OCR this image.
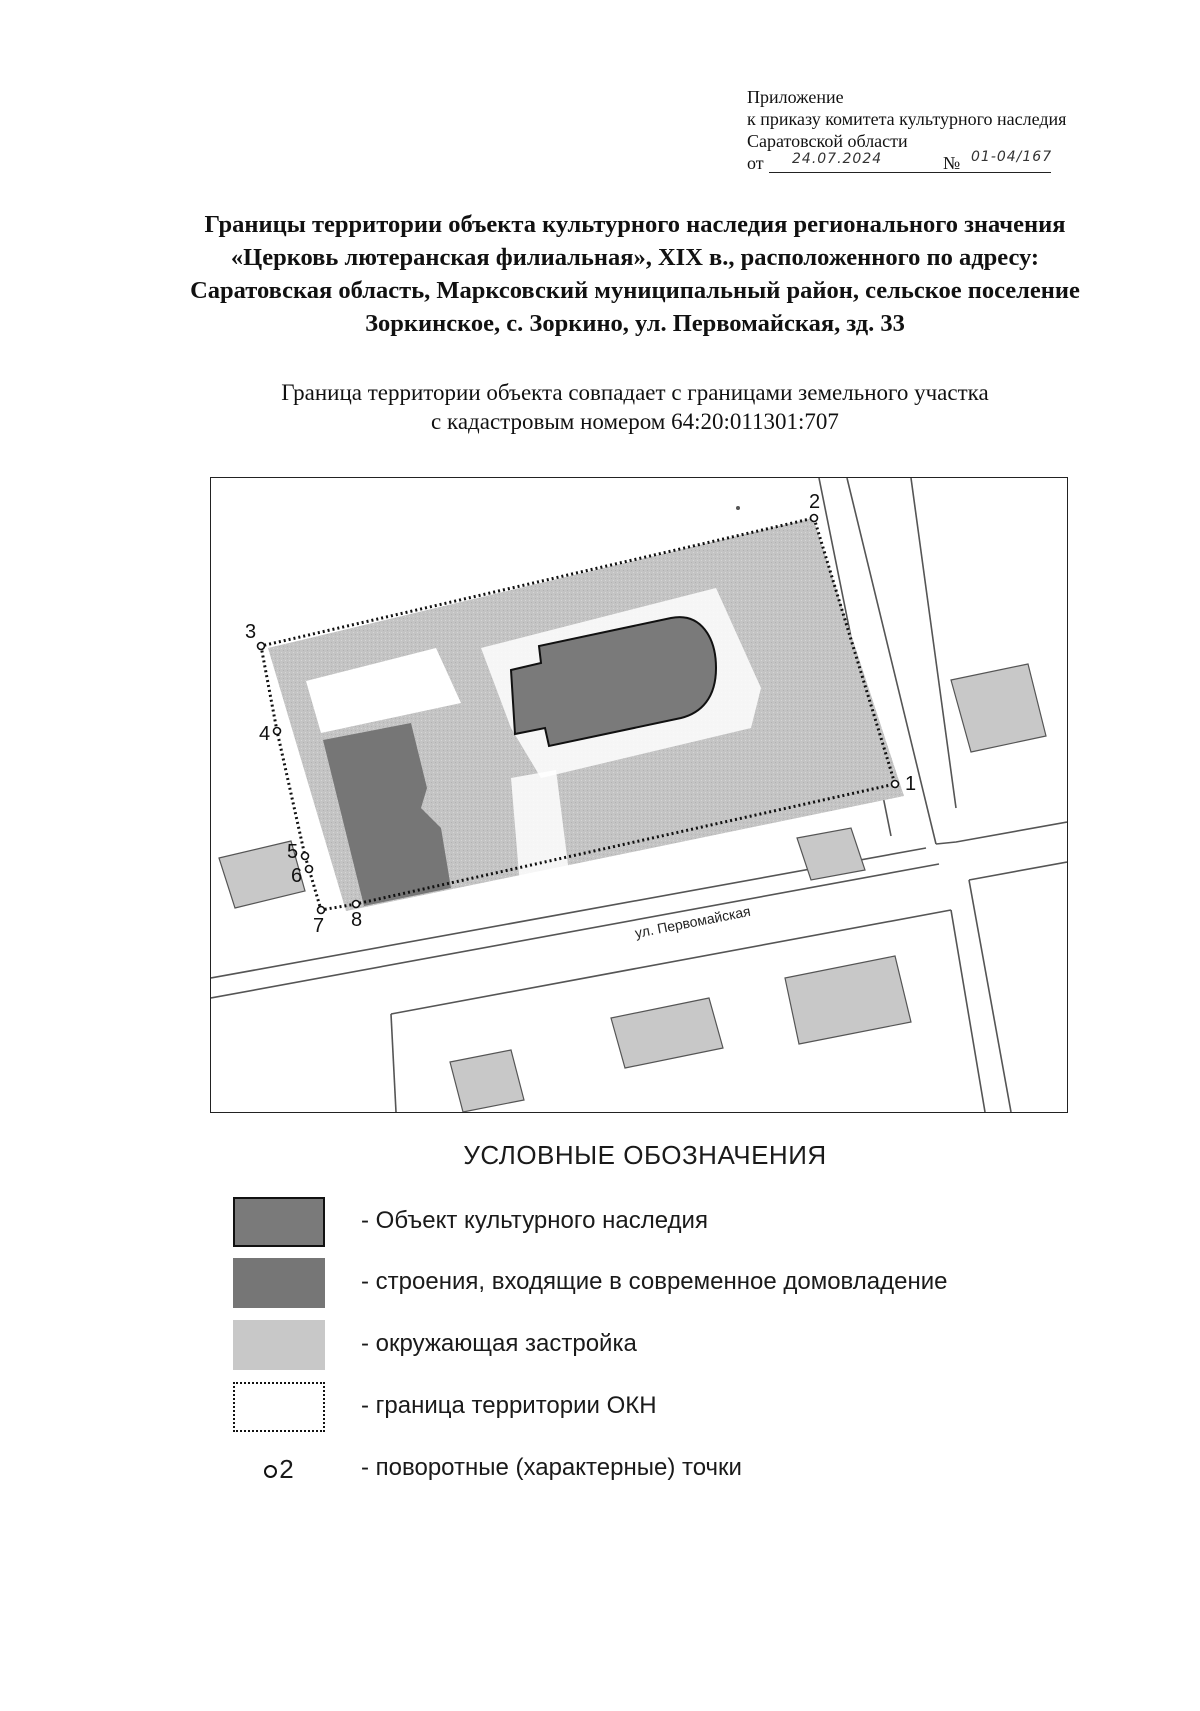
Приложение
к приказу комитета культурного наследия
Саратовской области
от 24.07.2024	№ 01-04/167
Границы территории объекта культурного наследия регионального значения
«Церковь лютеранская филиальная», XIX в., расположенного по адресу:
Саратовская область, Марксовский муниципальный район, сельское поселение
Зоркинское, с. Зоркино, ул. Первомайская, зд. 33
Граница территории объекта совпадает с границами земельного участка
с кадастровым номером 64:20:011301:707
ул. Первомайская
1
2
3
4
5
6
7 8
УСЛОВНЫЕ ОБОЗНАЧЕНИЯ
- Объект культурного наследия
- строения, входящие в современное домовладение
- окружающая застройка
- граница территории ОКН
2	- поворотные (характерные) точки
